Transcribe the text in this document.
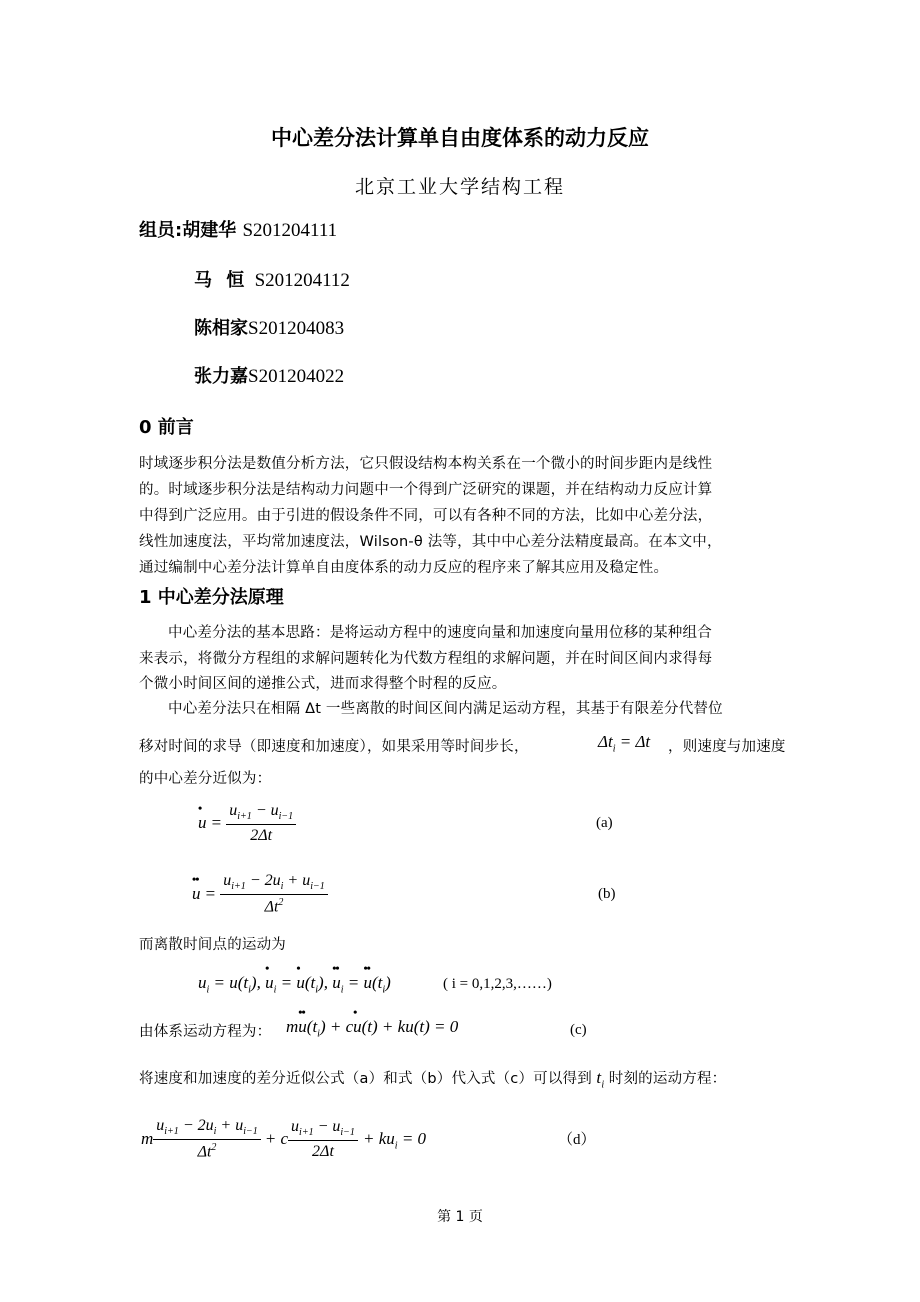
中心差分法计算单自由度体系的动力反应
北京工业大学结构工程
组员:胡建华 S201204111
马 恒 S201204112
陈相家S201204083
张力嘉S201204022
0 前言
时域逐步积分法是数值分析方法，它只假设结构本构关系在一个微小的时间步距内是线性
的。时域逐步积分法是结构动力问题中一个得到广泛研究的课题，并在结构动力反应计算
中得到广泛应用。由于引进的假设条件不同，可以有各种不同的方法，比如中心差分法，
线性加速度法，平均常加速度法，Wilson-θ 法等，其中中心差分法精度最高。在本文中，
通过编制中心差分法计算单自由度体系的动力反应的程序来了解其应用及稳定性。
1 中心差分法原理
中心差分法的基本思路：是将运动方程中的速度向量和加速度向量用位移的某种组合
来表示，将微分方程组的求解问题转化为代数方程组的求解问题，并在时间区间内求得每
个微小时间区间的递推公式，进而求得整个时程的反应。
中心差分法只在相隔 Δt 一些离散的时间区间内满足运动方程，其基于有限差分代替位
移对时间的求导（即速度和加速度），如果采用等时间步长，	$\Delta t_i = \Delta t$ ，则速度与加速度
的中心差分近似为：
• $u = \frac{u_{i+1} - u_{i-1}}{2\Delta t}$	(a)
•• $u = \frac{u_{i+1} - 2u_i + u_{i-1}}{\Delta t^2}$	(b)
而离散时间点的运动为
$u_i = u(t_i)$, • $u_i$ = • $u(t_i)$, •• $u_i$ = •• $u(t_i)$	( i = 0,1,2,3,……)
由体系运动方程为： m•• $u(t_i)$ + c• u(t) + ku(t) = 0	(c)
将速度和加速度的差分近似公式（a）和式（b）代入式（c）可以得到 $t_i$ 时刻的运动方程：
m $\frac{u_{i+1} - 2u_i + u_{i-1}}{\Delta t^2} + c \frac{u_{i+1} - u_{i-1}}{2\Delta t} + ku_i = 0$	（d）
第 1 页
